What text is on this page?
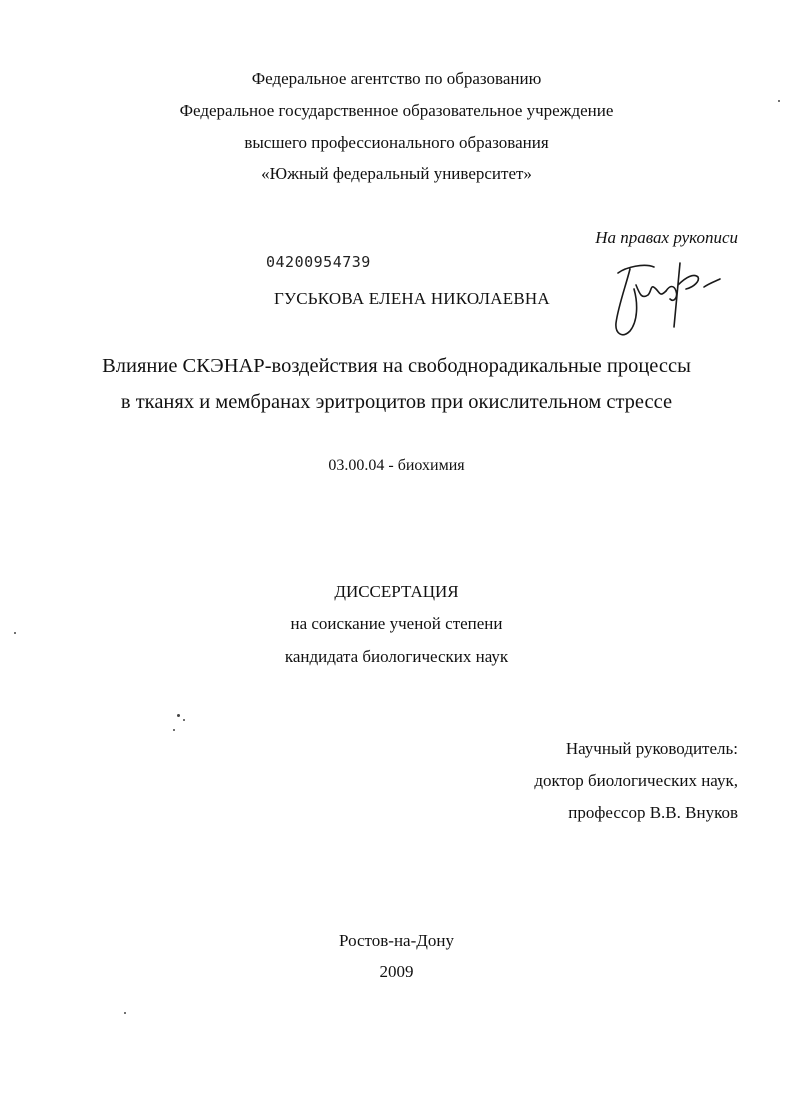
Федеральное агентство по образованию
Федеральное государственное образовательное учреждение
высшего профессионального образования
«Южный федеральный университет»
На правах рукописи
04200954739
ГУСЬКОВА ЕЛЕНА НИКОЛАЕВНА
Влияние СКЭНАР-воздействия на свободнорадикальные процессы
в тканях и мембранах эритроцитов при окислительном стрессе
03.00.04 - биохимия
ДИССЕРТАЦИЯ
на соискание ученой степени
кандидата биологических наук
Научный руководитель:
доктор биологических наук,
профессор В.В. Внуков
Ростов-на-Дону
2009
